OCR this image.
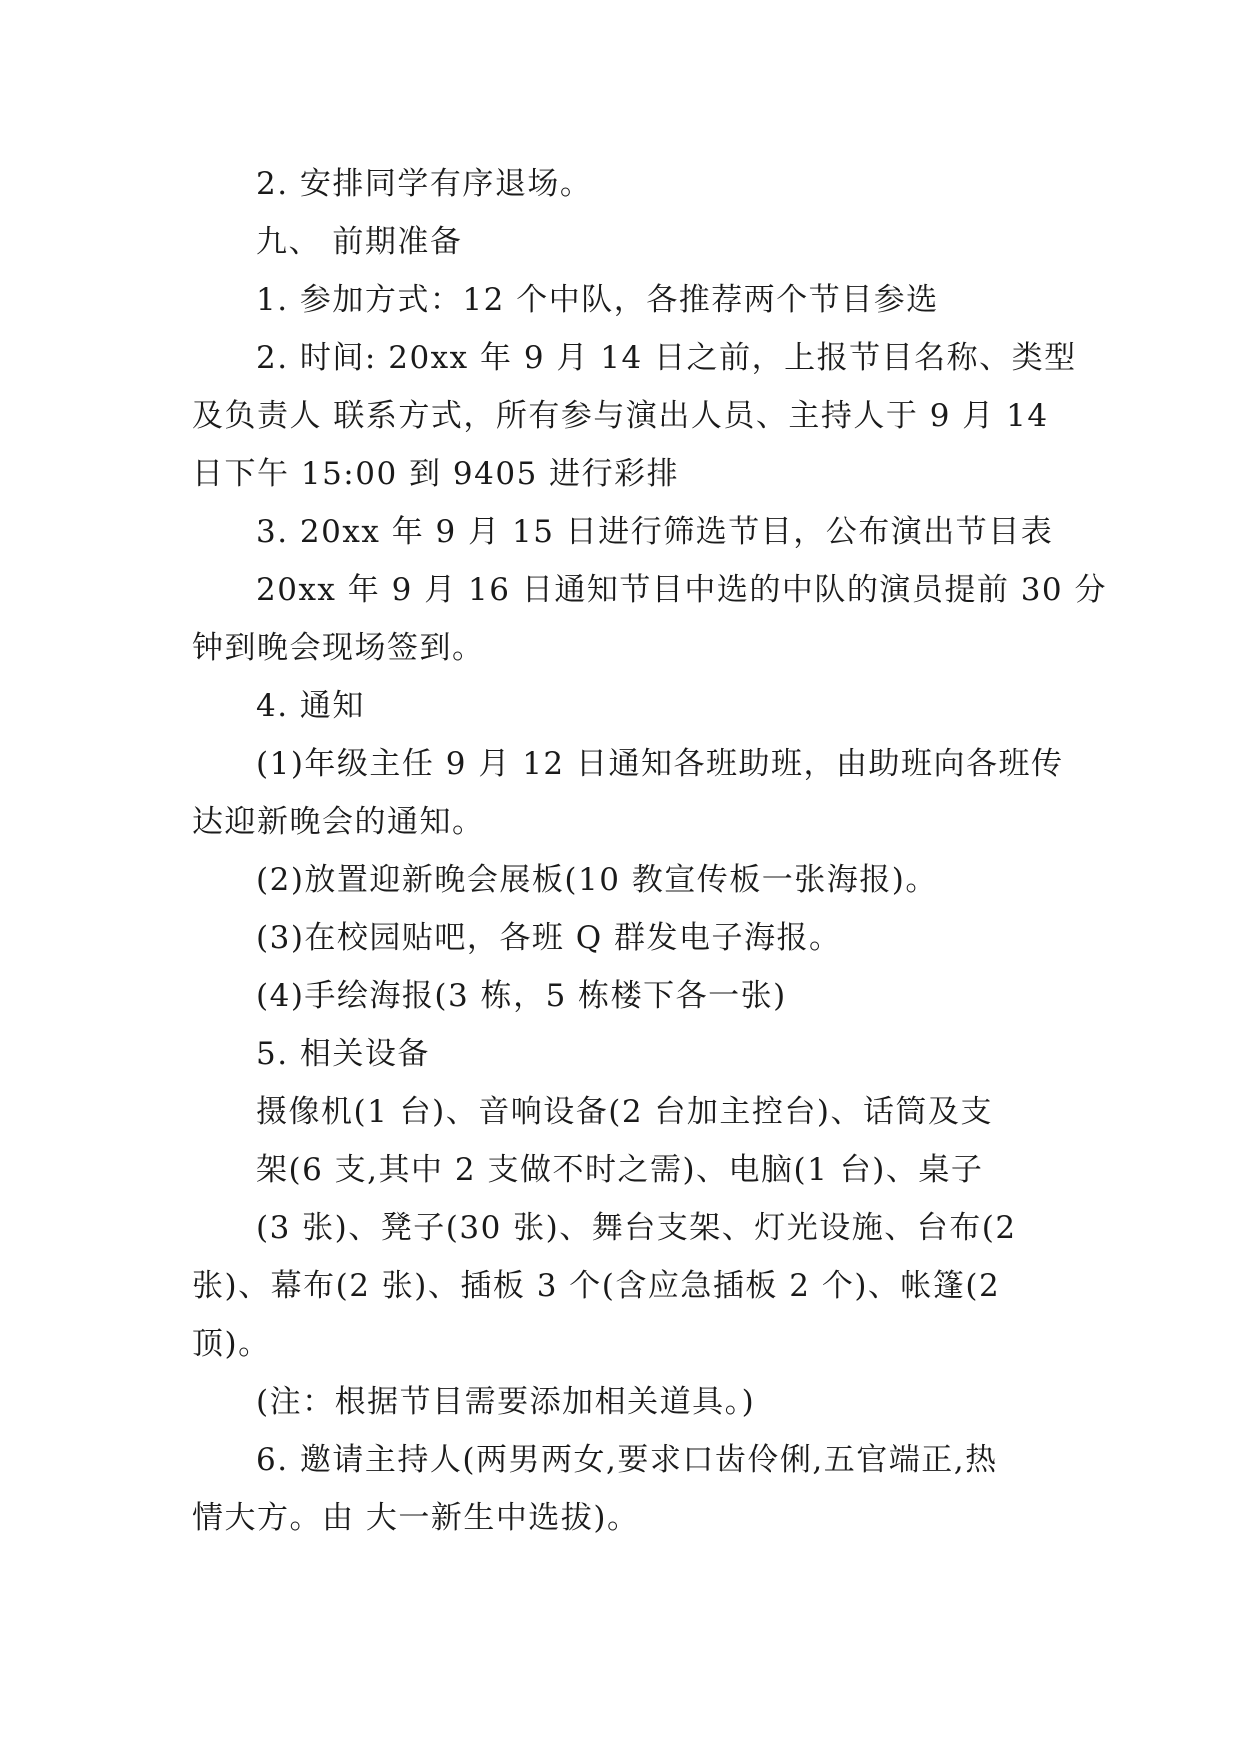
2. 安排同学有序退场。
九、 前期准备
1. 参加方式：12 个中队，各推荐两个节目参选
2. 时间: 20xx 年 9 月 14 日之前，上报节目名称、类型
及负责人 联系方式，所有参与演出人员、主持人于 9 月 14
日下午 15:00 到 9405 进行彩排
3. 20xx 年 9 月 15 日进行筛选节目，公布演出节目表
20xx 年 9 月 16 日通知节目中选的中队的演员提前 30 分
钟到晚会现场签到。
4. 通知
(1)年级主任 9 月 12 日通知各班助班，由助班向各班传
达迎新晚会的通知。
(2)放置迎新晚会展板(10 教宣传板一张海报)。
(3)在校园贴吧，各班 Q 群发电子海报。
(4)手绘海报(3 栋，5 栋楼下各一张)
5. 相关设备
摄像机(1 台)、音响设备(2 台加主控台)、话筒及支
架(6 支,其中 2 支做不时之需)、电脑(1 台)、桌子
(3 张)、凳子(30 张)、舞台支架、灯光设施、台布(2
张)、幕布(2 张)、插板 3 个(含应急插板 2 个)、帐篷(2
顶)。
(注：根据节目需要添加相关道具。)
6. 邀请主持人(两男两女,要求口齿伶俐,五官端正,热
情大方。由 大一新生中选拔)。
